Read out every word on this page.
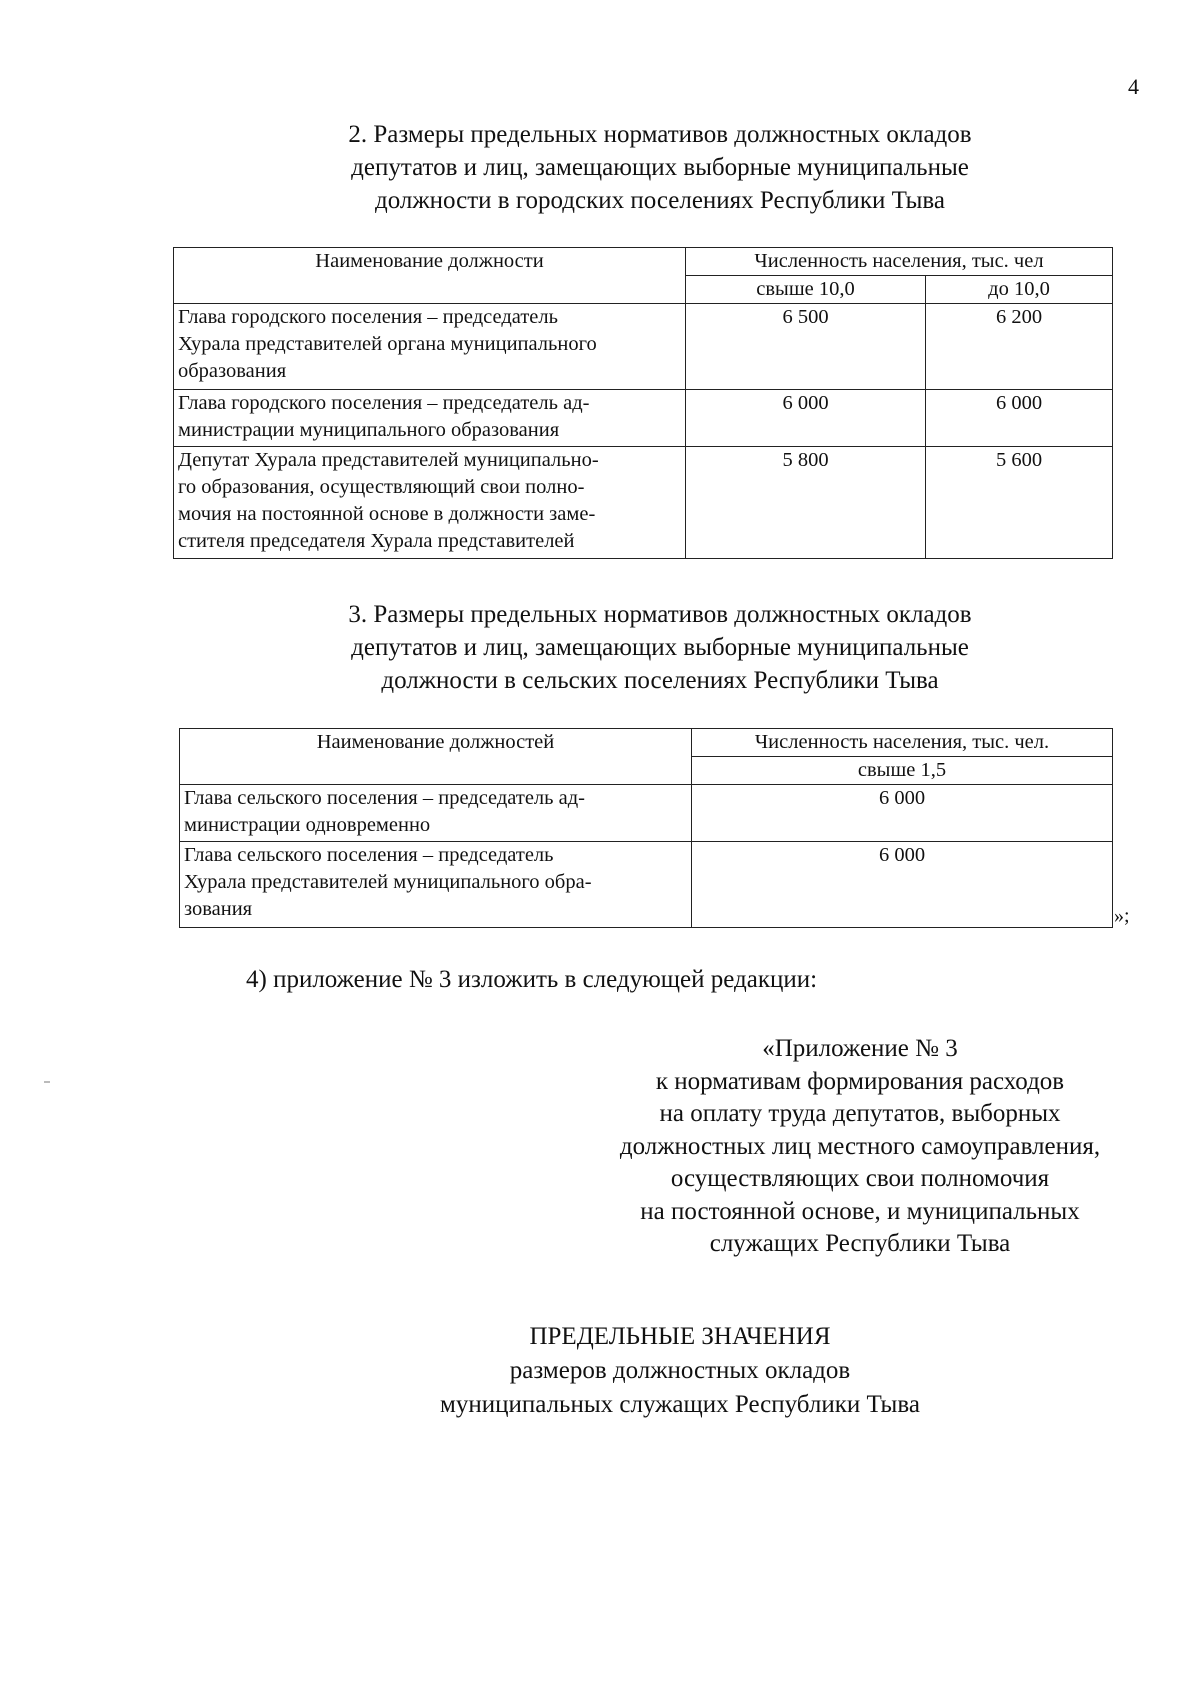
4
2. Размеры предельных нормативов должностных окладов
депутатов и лиц, замещающих выборные муниципальные
должности в городских поселениях Республики Тыва
Наименование должности	Численность населения, тыс. чел	
	свыше 10,0	до 10,0

Глава городского поселения – председатель
Хурала представителей органа муниципального
образования	6 500	6 200

Глава городского поселения – председатель ад-
министрации муниципального образования	6 000	6 000

Депутат Хурала представителей муниципально-
го образования, осуществляющий свои полно-
мочия на постоянной основе в должности заме-
стителя председателя Хурала представителей	5 800	5 600
3. Размеры предельных нормативов должностных окладов
депутатов и лиц, замещающих выборные муниципальные
должности в сельских поселениях Республики Тыва
Наименование должностей	Численность населения, тыс. чел.
	свыше 1,5

Глава сельского поселения – председатель ад-
министрации одновременно	6 000

Глава сельского поселения – председатель
Хурала представителей муниципального обра-
зования	6 000
»;
4) приложение № 3 изложить в следующей редакции:
«Приложение № 3
к нормативам формирования расходов
на оплату труда депутатов, выборных
должностных лиц местного самоуправления,
осуществляющих свои полномочия
на постоянной основе, и муниципальных
служащих Республики Тыва
ПРЕДЕЛЬНЫЕ ЗНАЧЕНИЯ
размеров должностных окладов
муниципальных служащих Республики Тыва
